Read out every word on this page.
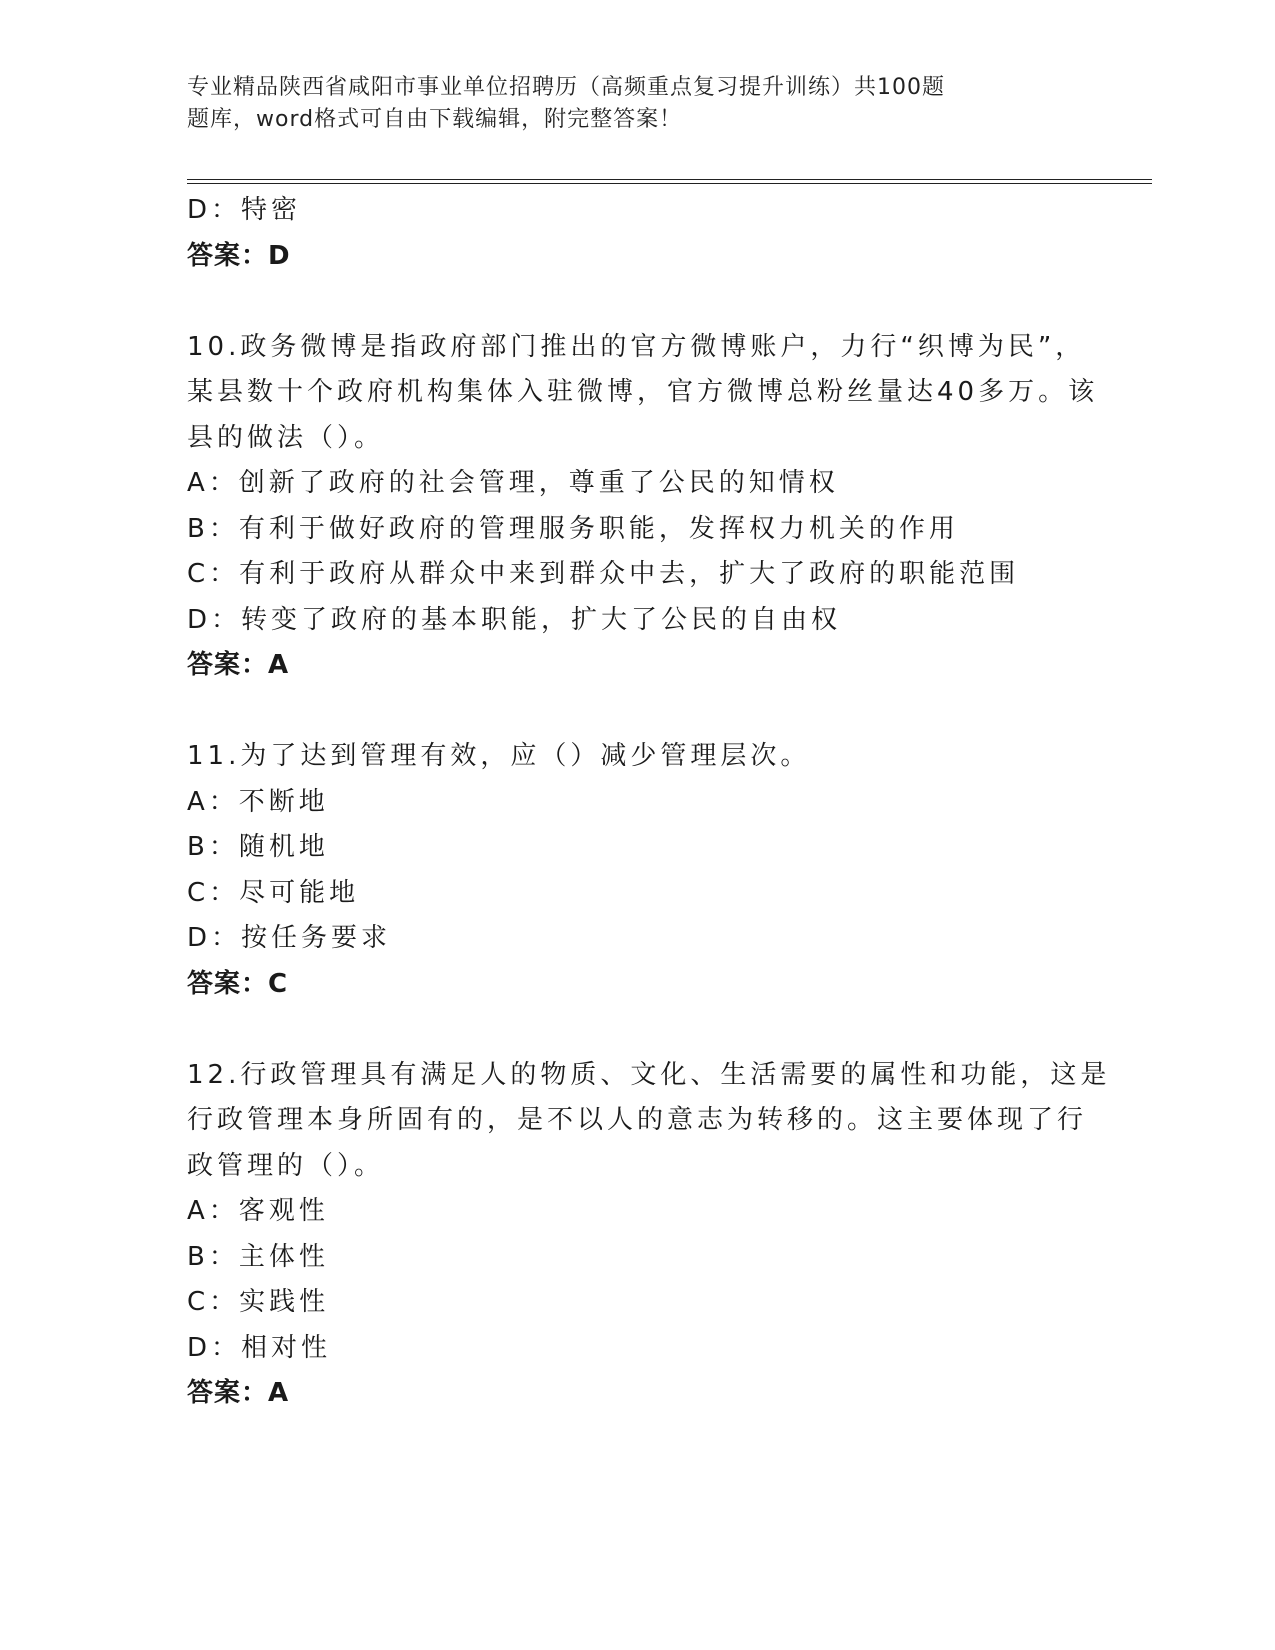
专业精品陕西省咸阳市事业单位招聘历（高频重点复习提升训练）共100题
题库，word格式可自由下载编辑，附完整答案！
D：特密
答案：D
10.政务微博是指政府部门推出的官方微博账户，力行“织博为民”，
某县数十个政府机构集体入驻微博，官方微博总粉丝量达40多万。该
县的做法（）。
A：创新了政府的社会管理，尊重了公民的知情权
B：有利于做好政府的管理服务职能，发挥权力机关的作用
C：有利于政府从群众中来到群众中去，扩大了政府的职能范围
D：转变了政府的基本职能，扩大了公民的自由权
答案：A
11.为了达到管理有效，应（）减少管理层次。
A：不断地
B：随机地
C：尽可能地
D：按任务要求
答案：C
12.行政管理具有满足人的物质、文化、生活需要的属性和功能，这是
行政管理本身所固有的，是不以人的意志为转移的。这主要体现了行
政管理的（）。
A：客观性
B：主体性
C：实践性
D：相对性
答案：A
